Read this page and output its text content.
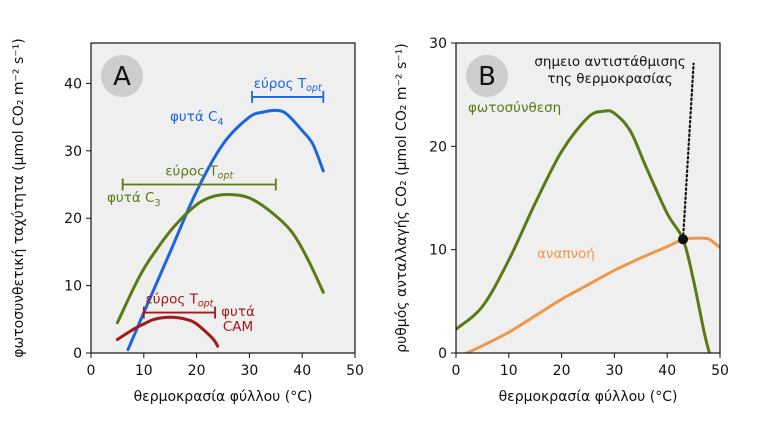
0	10 20 30 40 50
0
10
20
30
40
θερμοκρασία φύλλου (°C)
φωτοσυνθετική ταχύτητα (μmol CO₂ m⁻² s⁻¹)	A	εύρος $T_{opt}$
εύρος $T_{opt}$
εύρος $T_{opt}$
φυτά $C_4$
φυτά $C_3$
φυτά CAM
0	10 20 30 40 50
0
10
20
30
θερμοκρασία φύλλου (°C)
ρυθμός ανταλλαγής CO₂ (μmol CO₂ m⁻² s⁻¹)	B
φωτοσύνθεση
αναπνοή
σημειο αντιστάθμισης της θερμοκρασίας
